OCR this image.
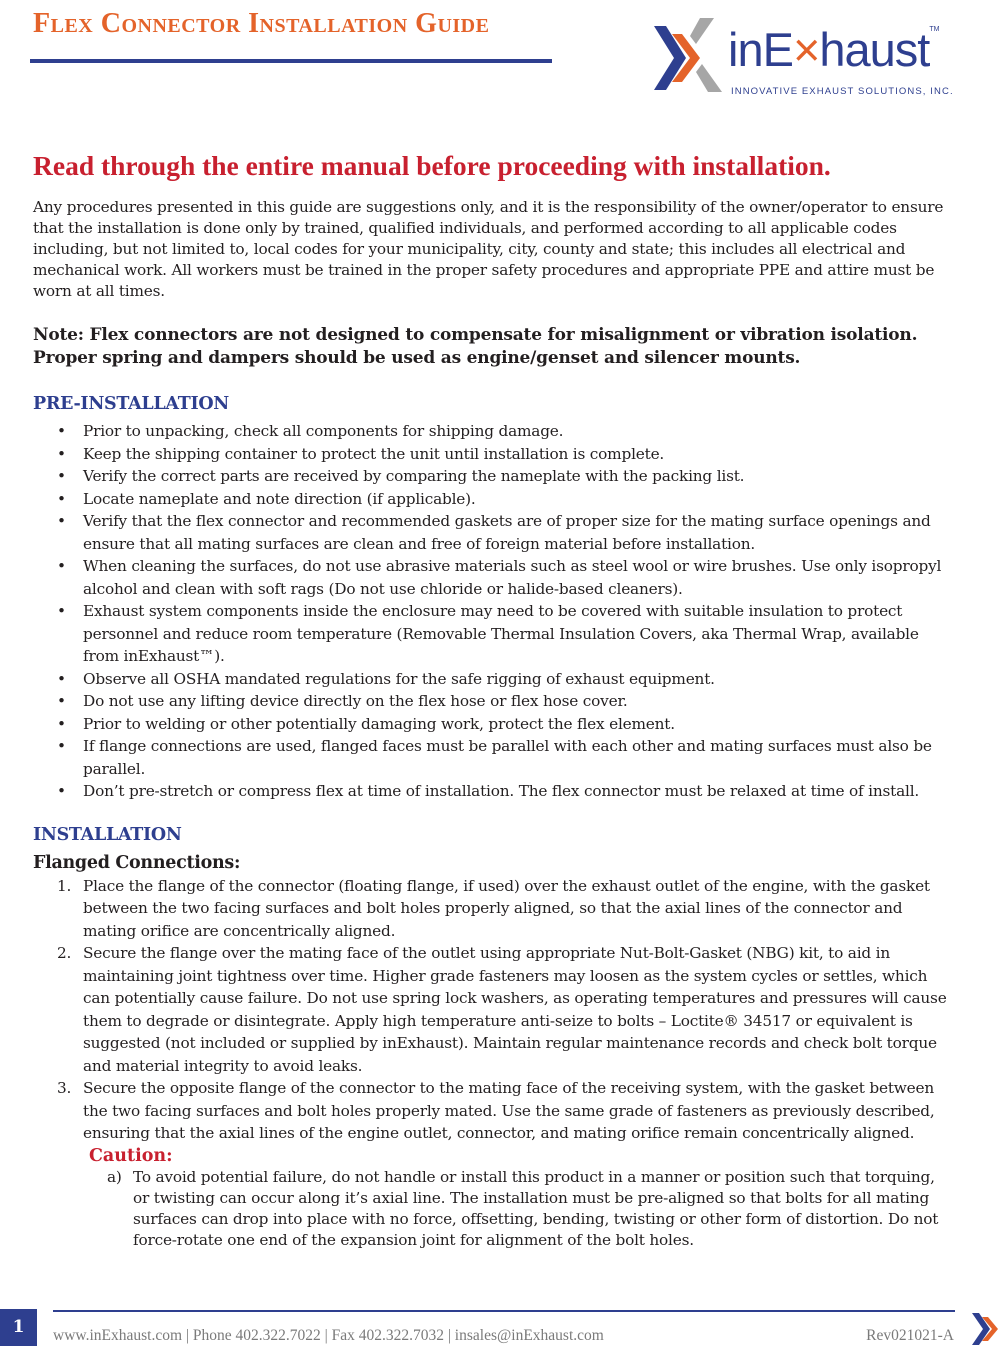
Flex Connector Installation Guide	inE×haust™
INNOVATIVE EXHAUST SOLUTIONS, INC.
Read through the entire manual before proceeding with installation.

Any procedures presented in this guide are suggestions only, and it is the responsibility of the owner/operator to ensure that the installation is done only by trained, qualified individuals, and performed according to all applicable codes including, but not limited to, local codes for your municipality, city, county and state; this includes all electrical and mechanical work. All workers must be trained in the proper safety procedures and appropriate PPE and attire must be worn at all times.

Note: Flex connectors are not designed to compensate for misalignment or vibration isolation. Proper spring and dampers should be used as engine/genset and silencer mounts.

PRE-INSTALLATION
• Prior to unpacking, check all components for shipping damage.
• Keep the shipping container to protect the unit until installation is complete.
• Verify the correct parts are received by comparing the nameplate with the packing list.
• Locate nameplate and note direction (if applicable).
• Verify that the flex connector and recommended gaskets are of proper size for the mating surface openings and ensure that all mating surfaces are clean and free of foreign material before installation.
• When cleaning the surfaces, do not use abrasive materials such as steel wool or wire brushes. Use only isopropyl alcohol and clean with soft rags (Do not use chloride or halide-based cleaners).
• Exhaust system components inside the enclosure may need to be covered with suitable insulation to protect personnel and reduce room temperature (Removable Thermal Insulation Covers, aka Thermal Wrap, available from inExhaust™).
• Observe all OSHA mandated regulations for the safe rigging of exhaust equipment.
• Do not use any lifting device directly on the flex hose or flex hose cover.
• Prior to welding or other potentially damaging work, protect the flex element.
• If flange connections are used, flanged faces must be parallel with each other and mating surfaces must also be parallel.
• Don’t pre-stretch or compress flex at time of installation. The flex connector must be relaxed at time of install.
INSTALLATION

Flanged Connections:

1. Place the flange of the connector (floating flange, if used) over the exhaust outlet of the engine, with the gasket between the two facing surfaces and bolt holes properly aligned, so that the axial lines of the connector and mating orifice are concentrically aligned.
2. Secure the flange over the mating face of the outlet using appropriate Nut-Bolt-Gasket (NBG) kit, to aid in maintaining joint tightness over time. Higher grade fasteners may loosen as the system cycles or settles, which can potentially cause failure. Do not use spring lock washers, as operating temperatures and pressures will cause them to degrade or disintegrate. Apply high temperature anti-seize to bolts – Loctite® 34517 or equivalent is suggested (not included or supplied by inExhaust). Maintain regular maintenance records and check bolt torque and material integrity to avoid leaks.
3. Secure the opposite flange of the connector to the mating face of the receiving system, with the gasket between the two facing surfaces and bolt holes properly mated. Use the same grade of fasteners as previously described, ensuring that the axial lines of the engine outlet, connector, and mating orifice remain concentrically aligned.
Caution:
a) To avoid potential failure, do not handle or install this product in a manner or position such that torquing, or twisting can occur along it’s axial line. The installation must be pre-aligned so that bolts for all mating surfaces can drop into place with no force, offsetting, bending, twisting or other form of distortion. Do not force-rotate one end of the expansion joint for alignment of the bolt holes.
1	www.inExhaust.com | Phone 402.322.7022 | Fax 402.322.7032 | insales@inExhaust.com	Rev021021-A
